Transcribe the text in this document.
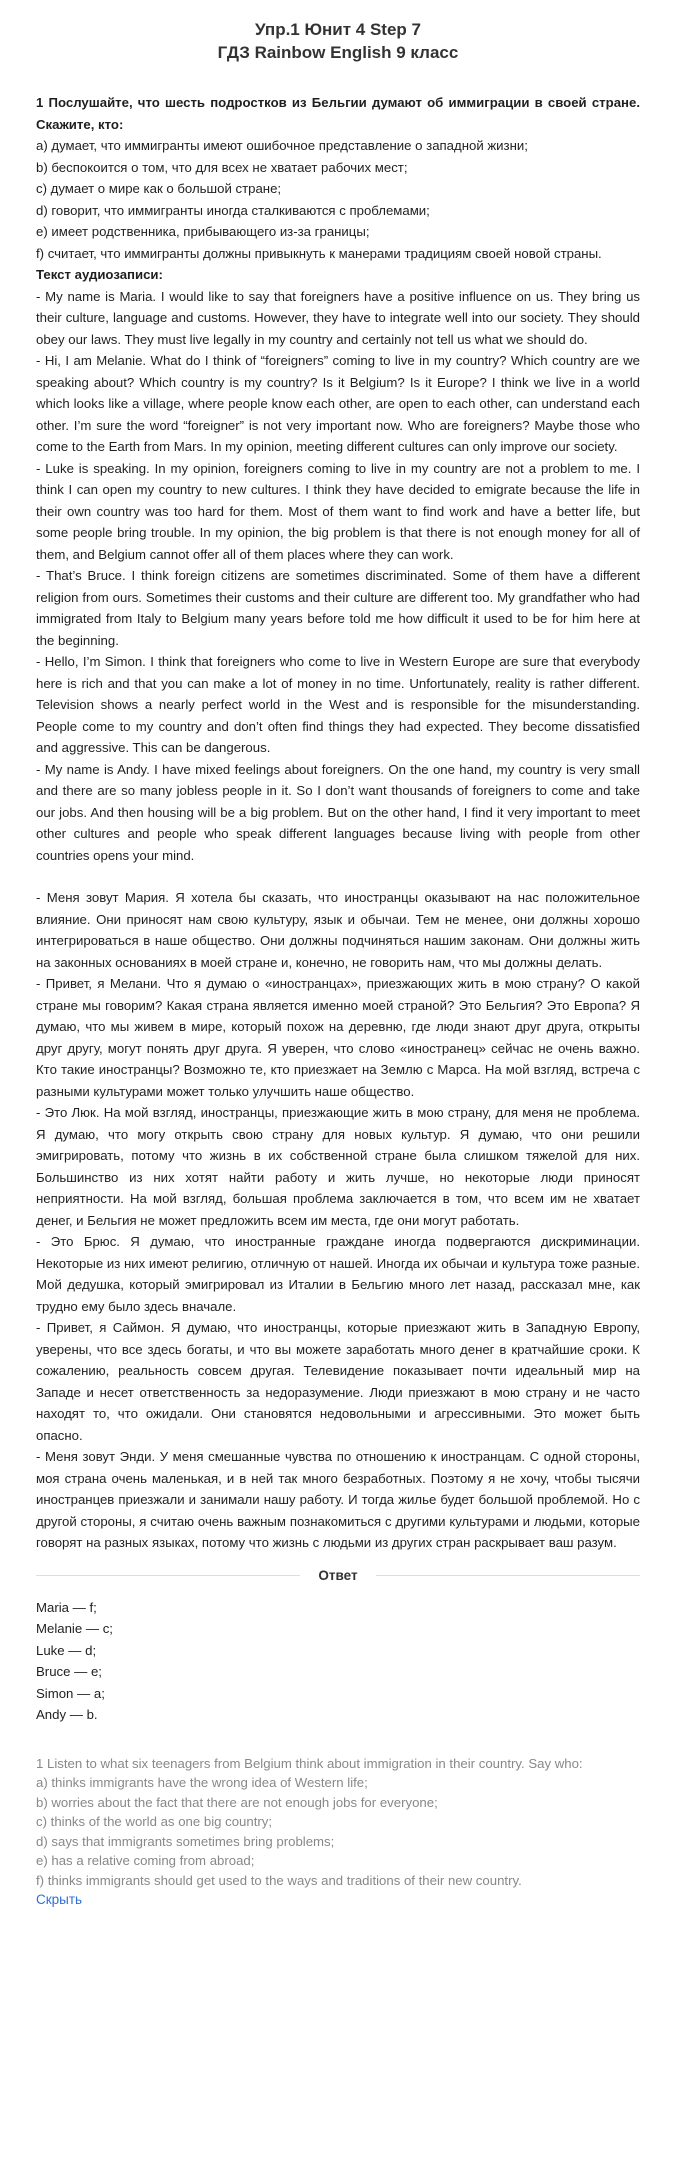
Упр.1 Юнит 4 Step 7

ГДЗ Rainbow English 9 класс

1 Послушайте, что шесть подростков из Бельгии думают об иммиграции в своей стране. Скажите, кто:

a) думает, что иммигранты имеют ошибочное представление о западной жизни;

b) беспокоится о том, что для всех не хватает рабочих мест;

c) думает о мире как о большой стране;

d) говорит, что иммигранты иногда сталкиваются с проблемами;

e) имеет родственника, прибывающего из-за границы;

f) считает, что иммигранты должны привыкнуть к манерами традициям своей новой страны.

Текст аудиозаписи:

- My name is Maria. I would like to say that foreigners have a positive influence on us. They bring us their culture, language and customs. However, they have to integrate well into our society. They should obey our laws. They must live legally in my country and certainly not tell us what we should do.

- Hi, I am Melanie. What do I think of “foreigners” coming to live in my country? Which country are we speaking about? Which country is my country? Is it Belgium? Is it Europe? I think we live in a world which looks like a village, where people know each other, are open to each other, can understand each other. I’m sure the word “foreigner” is not very important now. Who are foreigners? Maybe those who come to the Earth from Mars. In my opinion, meeting different cultures can only improve our society.

- Luke is speaking. In my opinion, foreigners coming to live in my country are not a problem to me. I think I can open my country to new cultures. I think they have decided to emigrate because the life in their own country was too hard for them. Most of them want to find work and have a better life, but some people bring trouble. In my opinion, the big problem is that there is not enough money for all of them, and Belgium cannot offer all of them places where they can work.

- That’s Bruce. I think foreign citizens are sometimes discriminated. Some of them have a different religion from ours. Sometimes their customs and their culture are different too. My grandfather who had immigrated from Italy to Belgium many years before told me how difficult it used to be for him here at the beginning.

- Hello, I’m Simon. I think that foreigners who come to live in Western Europe are sure that everybody here is rich and that you can make a lot of money in no time. Unfortunately, reality is rather different. Television shows a nearly perfect world in the West and is responsible for the misunderstanding. People come to my country and don’t often find things they had expected. They become dissatisfied and aggressive. This can be dangerous.

- My name is Andy. I have mixed feelings about foreigners. On the one hand, my country is very small and there are so many jobless people in it. So I don’t want thousands of foreigners to come and take our jobs. And then housing will be a big problem. But on the other hand, I find it very important to meet other cultures and people who speak different languages because living with people from other countries opens your mind.

- Меня зовут Мария. Я хотела бы сказать, что иностранцы оказывают на нас положительное влияние. Они приносят нам свою культуру, язык и обычаи. Тем не менее, они должны хорошо интегрироваться в наше общество. Они должны подчиняться нашим законам. Они должны жить на законных основаниях в моей стране и, конечно, не говорить нам, что мы должны делать.

- Привет, я Мелани. Что я думаю о «иностранцах», приезжающих жить в мою страну? О какой стране мы говорим? Какая страна является именно моей страной? Это Бельгия? Это Европа? Я думаю, что мы живем в мире, который похож на деревню, где люди знают друг друга, открыты друг другу, могут понять друг друга. Я уверен, что слово «иностранец» сейчас не очень важно. Кто такие иностранцы? Возможно те, кто приезжает на Землю с Марса. На мой взгляд, встреча с разными культурами может только улучшить наше общество.

- Это Люк. На мой взгляд, иностранцы, приезжающие жить в мою страну, для меня не проблема. Я думаю, что могу открыть свою страну для новых культур. Я думаю, что они решили эмигрировать, потому что жизнь в их собственной стране была слишком тяжелой для них. Большинство из них хотят найти работу и жить лучше, но некоторые люди приносят неприятности. На мой взгляд, большая проблема заключается в том, что всем им не хватает денег, и Бельгия не может предложить всем им места, где они могут работать.

- Это Брюс. Я думаю, что иностранные граждане иногда подвергаются дискриминации. Некоторые из них имеют религию, отличную от нашей. Иногда их обычаи и культура тоже разные. Мой дедушка, который эмигрировал из Италии в Бельгию много лет назад, рассказал мне, как трудно ему было здесь вначале.

- Привет, я Саймон. Я думаю, что иностранцы, которые приезжают жить в Западную Европу, уверены, что все здесь богаты, и что вы можете заработать много денег в кратчайшие сроки. К сожалению, реальность совсем другая. Телевидение показывает почти идеальный мир на Западе и несет ответственность за недоразумение. Люди приезжают в мою страну и не часто находят то, что ожидали. Они становятся недовольными и агрессивными. Это может быть опасно.

- Меня зовут Энди. У меня смешанные чувства по отношению к иностранцам. С одной стороны, моя страна очень маленькая, и в ней так много безработных. Поэтому я не хочу, чтобы тысячи иностранцев приезжали и занимали нашу работу. И тогда жилье будет большой проблемой. Но с другой стороны, я считаю очень важным познакомиться с другими культурами и людьми, которые говорят на разных языках, потому что жизнь с людьми из других стран раскрывает ваш разум.

Ответ

Maria — f;

Melanie — c;

Luke — d;

Bruce — e;

Simon — a;

Andy — b.

1 Listen to what six teenagers from Belgium think about immigration in their country. Say who:

a) thinks immigrants have the wrong idea of Western life;

b) worries about the fact that there are not enough jobs for everyone;

c) thinks of the world as one big country;

d) says that immigrants sometimes bring problems;

e) has a relative coming from abroad;

f) thinks immigrants should get used to the ways and traditions of their new country.

Скрыть
